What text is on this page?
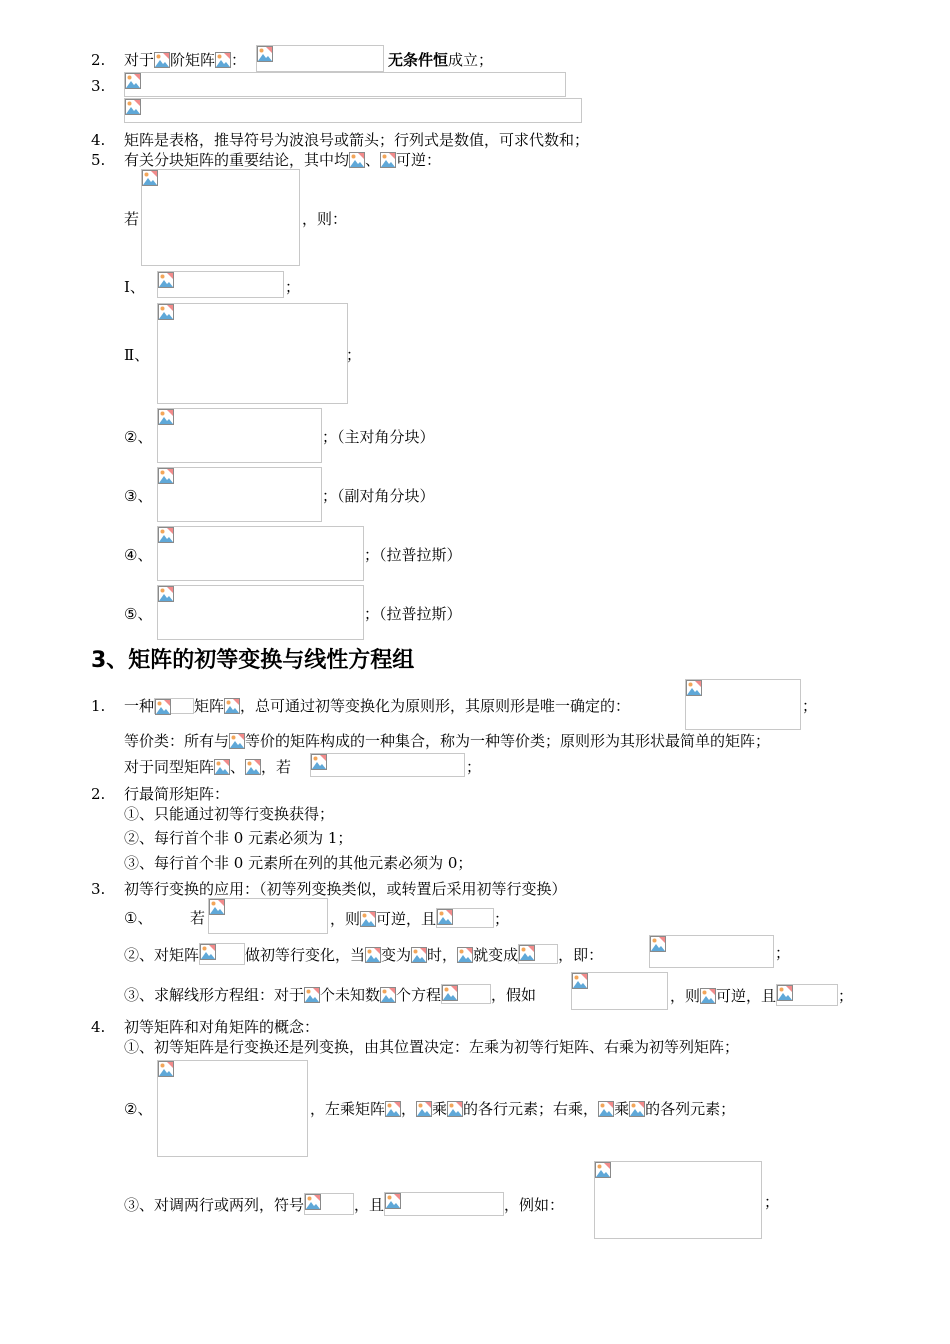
2.	对于 阶矩阵 ：	无条件恒成立；
3.
4.	矩阵是表格，推导符号为波浪号或箭头；行列式是数值，可求代数和；
5.	有关分块矩阵的重要结论，其中均 、 可逆：
若	，则：
Ⅰ、	；
Ⅱ、	；
②、	；（主对角分块）
③、	；（副对角分块）
④、	；（拉普拉斯）
⑤、	；（拉普拉斯）
3、矩阵的初等变换与线性方程组
1.	一种	矩阵 ，总可通过初等变换化为原则形，其原则形是唯一确定的：	；
等价类：所有与 等价的矩阵构成的一种集合，称为一种等价类；原则形为其形状最简单的矩阵；
对于同型矩阵 、 ，若	；
2.	行最简形矩阵：
①、只能通过初等行变换获得；
②、每行首个非 0 元素必须为 1；
③、每行首个非 0 元素所在列的其他元素必须为 0；
3.	初等行变换的应用：（初等列变换类似，或转置后采用初等行变换）
①、	若	，则 可逆，且	；
②、对矩阵	做初等行变化，当 变为 时， 就变成	，即：	；
③、求解线形方程组：对于 个未知数 个方程	，假如	，则 可逆，且	；
4.	初等矩阵和对角矩阵的概念：
①、初等矩阵是行变换还是列变换，由其位置决定：左乘为初等行矩阵、右乘为初等列矩阵；
②、	，左乘矩阵 ， 乘 的各行元素；右乘， 乘 的各列元素；
③、对调两行或两列，符号	，且	，例如：	；
